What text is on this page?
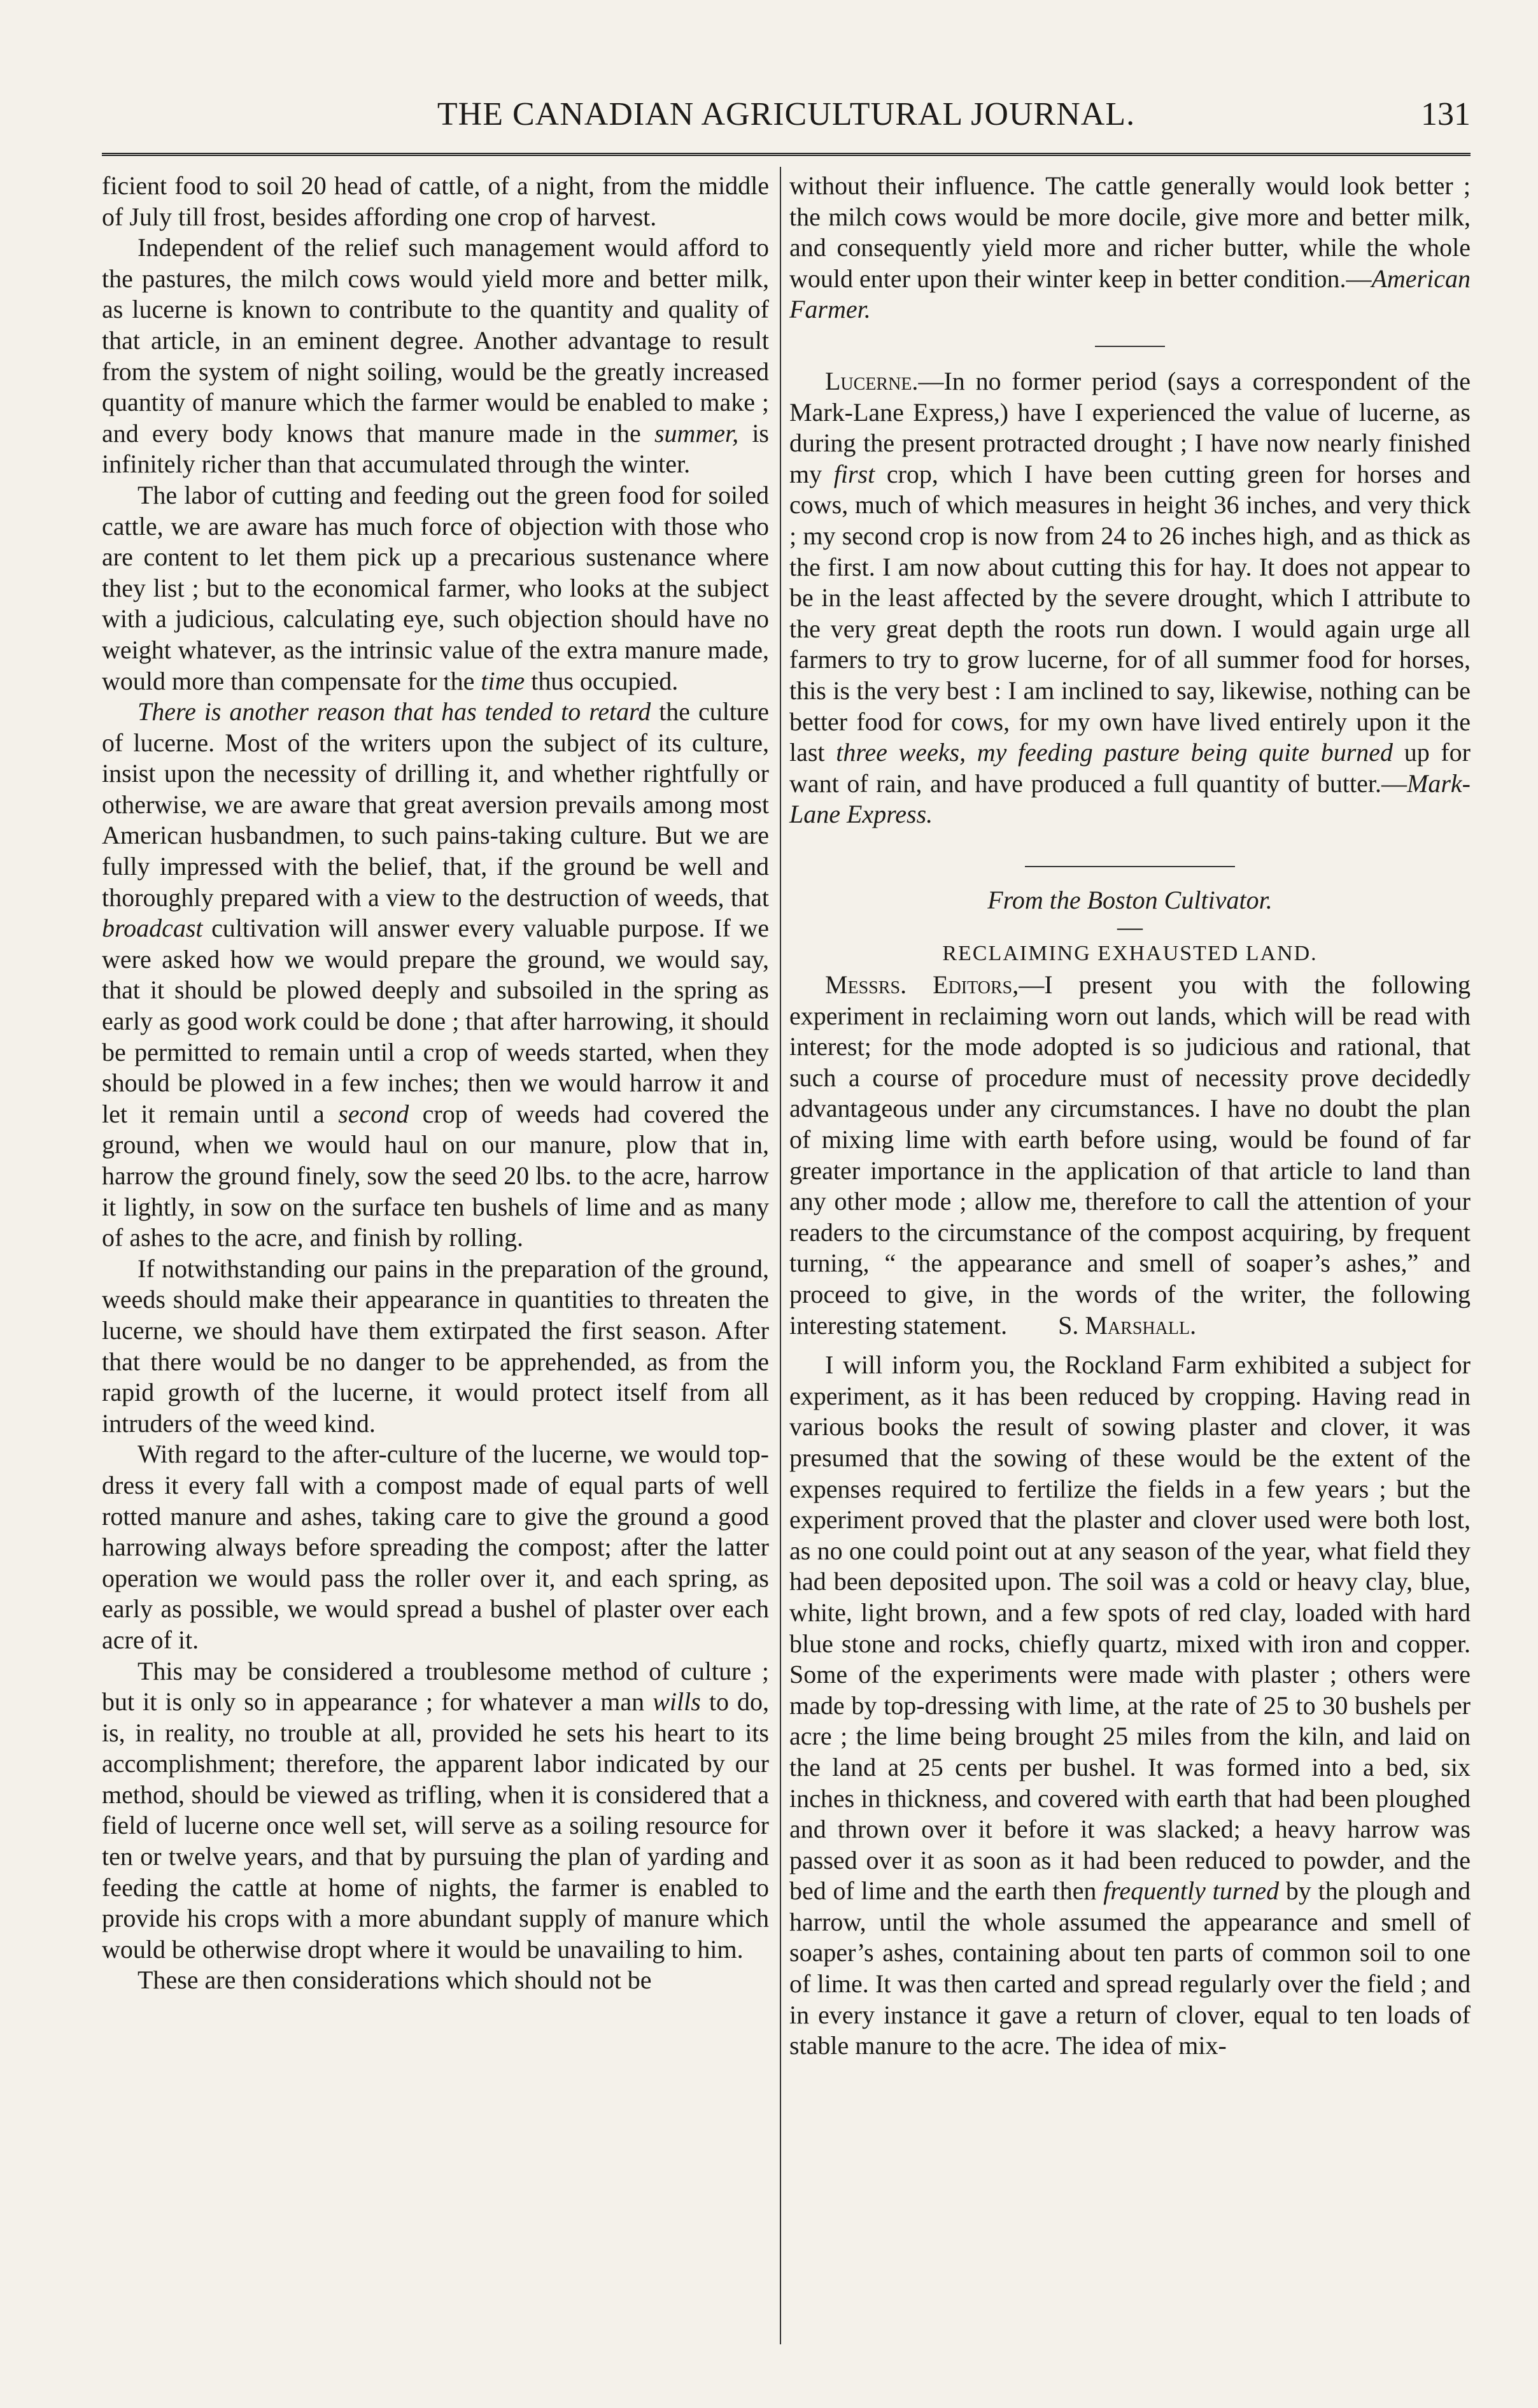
THE CANADIAN AGRICULTURAL JOURNAL.	131

ficient food to soil 20 head of cattle, of a night, from the middle of July till frost, besides affording one crop of harvest.

Independent of the relief such management would afford to the pastures, the milch cows would yield more and better milk, as lucerne is known to contribute to the quantity and quality of that article, in an eminent degree. Another advantage to result from the system of night soiling, would be the greatly increased quantity of manure which the farmer would be enabled to make ; and every body knows that manure made in the summer, is infinitely richer than that accumulated through the winter.

The labor of cutting and feeding out the green food for soiled cattle, we are aware has much force of objection with those who are content to let them pick up a precarious sustenance where they list ; but to the economical farmer, who looks at the subject with a judicious, calculating eye, such objection should have no weight whatever, as the intrinsic value of the extra manure made, would more than compensate for the time thus occupied.

There is another reason that has tended to retard the culture of lucerne. Most of the writers upon the subject of its culture, insist upon the necessity of drilling it, and whether rightfully or otherwise, we are aware that great aversion prevails among most American husbandmen, to such pains-taking culture. But we are fully impressed with the belief, that, if the ground be well and thoroughly prepared with a view to the destruction of weeds, that broadcast cultivation will answer every valuable purpose. If we were asked how we would prepare the ground, we would say, that it should be plowed deeply and subsoiled in the spring as early as good work could be done ; that after harrowing, it should be permitted to remain until a crop of weeds started, when they should be plowed in a few inches; then we would harrow it and let it remain until a second crop of weeds had covered the ground, when we would haul on our manure, plow that in, harrow the ground finely, sow the seed 20 lbs. to the acre, harrow it lightly, in sow on the surface ten bushels of lime and as many of ashes to the acre, and finish by rolling.

If notwithstanding our pains in the preparation of the ground, weeds should make their appearance in quantities to threaten the lucerne, we should have them extirpated the first season. After that there would be no danger to be apprehended, as from the rapid growth of the lucerne, it would protect itself from all intruders of the weed kind.

With regard to the after-culture of the lucerne, we would top-dress it every fall with a compost made of equal parts of well rotted manure and ashes, taking care to give the ground a good harrowing always before spreading the compost; after the latter operation we would pass the roller over it, and each spring, as early as possible, we would spread a bushel of plaster over each acre of it.

This may be considered a troublesome method of culture ; but it is only so in appearance ; for whatever a man wills to do, is, in reality, no trouble at all, provided he sets his heart to its accomplishment; therefore, the apparent labor indicated by our method, should be viewed as trifling, when it is considered that a field of lucerne once well set, will serve as a soiling resource for ten or twelve years, and that by pursuing the plan of yarding and feeding the cattle at home of nights, the farmer is enabled to provide his crops with a more abundant supply of manure which would be otherwise dropt where it would be unavailing to him.

These are then considerations which should not be

without their influence. The cattle generally would look better ; the milch cows would be more docile, give more and better milk, and consequently yield more and richer butter, while the whole would enter upon their winter keep in better condition.—American Farmer.

Lucerne.—In no former period (says a correspondent of the Mark-Lane Express,) have I experienced the value of lucerne, as during the present protracted drought ; I have now nearly finished my first crop, which I have been cutting green for horses and cows, much of which measures in height 36 inches, and very thick ; my second crop is now from 24 to 26 inches high, and as thick as the first. I am now about cutting this for hay. It does not appear to be in the least affected by the severe drought, which I attribute to the very great depth the roots run down. I would again urge all farmers to try to grow lucerne, for of all summer food for horses, this is the very best : I am inclined to say, likewise, nothing can be better food for cows, for my own have lived entirely upon it the last three weeks, my feeding pasture being quite burned up for want of rain, and have produced a full quantity of butter.—Mark-Lane Express.

From the Boston Cultivator.

—

RECLAIMING EXHAUSTED LAND.

Messrs. Editors,—I present you with the following experiment in reclaiming worn out lands, which will be read with interest; for the mode adopted is so judicious and rational, that such a course of procedure must of necessity prove decidedly advantageous under any circumstances. I have no doubt the plan of mixing lime with earth before using, would be found of far greater importance in the application of that article to land than any other mode ; allow me, therefore to call the attention of your readers to the circumstance of the compost acquiring, by frequent turning, “ the appearance and smell of soaper’s ashes,” and proceed to give, in the words of the writer, the following interesting statement. S. Marshall.

I will inform you, the Rockland Farm exhibited a subject for experiment, as it has been reduced by cropping. Having read in various books the result of sowing plaster and clover, it was presumed that the sowing of these would be the extent of the expenses required to fertilize the fields in a few years ; but the experiment proved that the plaster and clover used were both lost, as no one could point out at any season of the year, what field they had been deposited upon. The soil was a cold or heavy clay, blue, white, light brown, and a few spots of red clay, loaded with hard blue stone and rocks, chiefly quartz, mixed with iron and copper. Some of the experiments were made with plaster ; others were made by top-dressing with lime, at the rate of 25 to 30 bushels per acre ; the lime being brought 25 miles from the kiln, and laid on the land at 25 cents per bushel. It was formed into a bed, six inches in thickness, and covered with earth that had been ploughed and thrown over it before it was slacked; a heavy harrow was passed over it as soon as it had been reduced to powder, and the bed of lime and the earth then frequently turned by the plough and harrow, until the whole assumed the appearance and smell of soaper’s ashes, containing about ten parts of common soil to one of lime. It was then carted and spread regularly over the field ; and in every instance it gave a return of clover, equal to ten loads of stable manure to the acre. The idea of mix-
